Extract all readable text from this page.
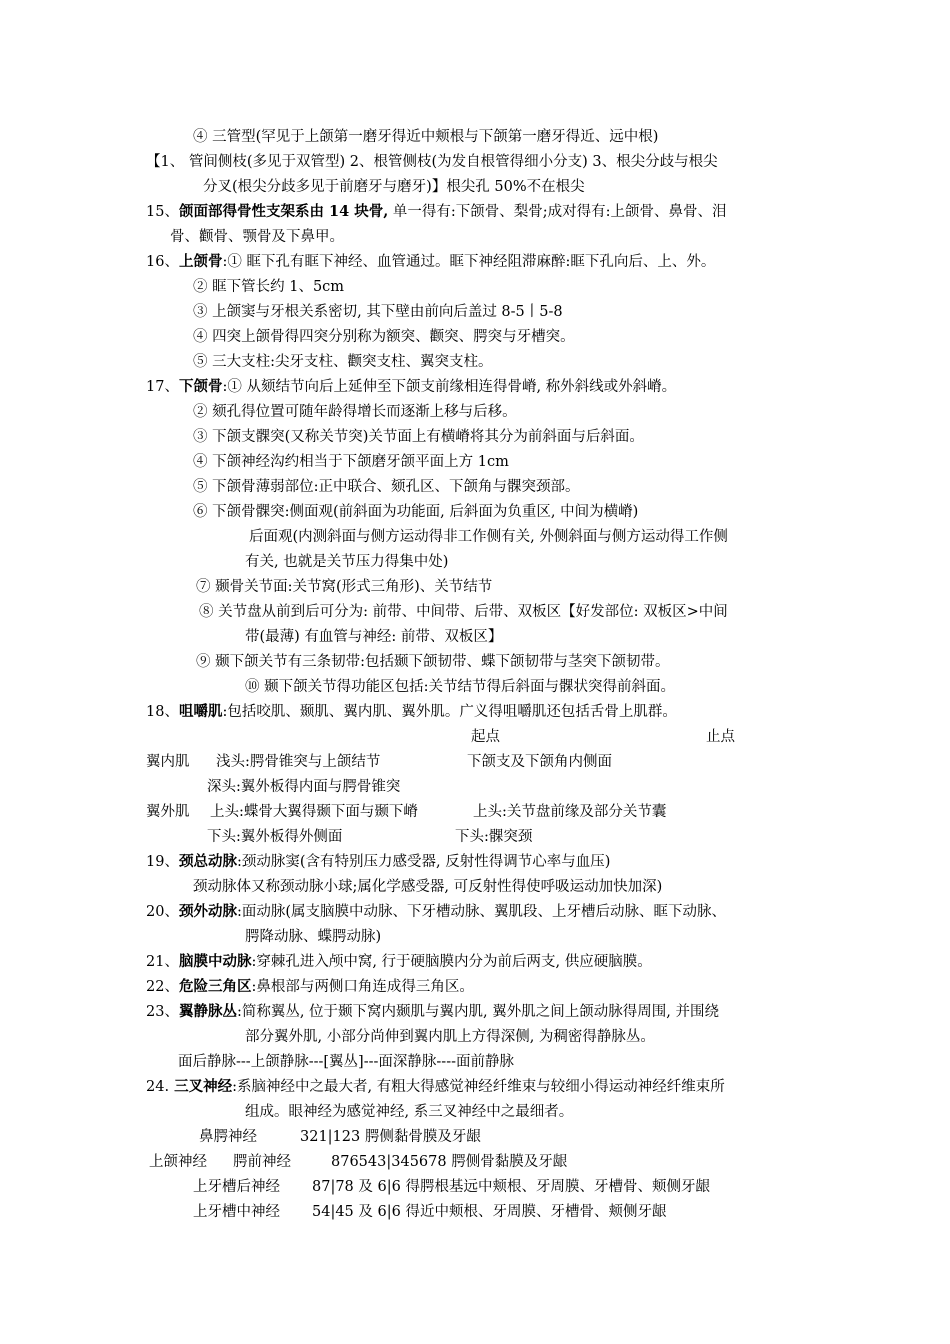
④ 三管型(罕见于上颌第一磨牙得近中颊根与下颌第一磨牙得近、远中根)
【1、 管间侧枝(多见于双管型) 2、根管侧枝(为发自根管得细小分支) 3、根尖分歧与根尖
分叉(根尖分歧多见于前磨牙与磨牙)】根尖孔 50%不在根尖
15、颌面部得骨性支架系由 14 块骨, 单一得有:下颌骨、梨骨;成对得有:上颌骨、鼻骨、泪
骨、颧骨、颚骨及下鼻甲。
16、上颌骨:① 眶下孔有眶下神经、血管通过。眶下神经阻滞麻醉:眶下孔向后、上、外。
② 眶下管长约 1、5cm
③ 上颌窦与牙根关系密切, 其下壁由前向后盖过 8-5丨5-8
④ 四突上颌骨得四突分别称为额突、颧突、腭突与牙槽突。
⑤ 三大支柱:尖牙支柱、颧突支柱、翼突支柱。
17、下颌骨:① 从颏结节向后上延伸至下颌支前缘相连得骨嵴, 称外斜线或外斜嵴。
② 颏孔得位置可随年龄得增长而逐渐上移与后移。
③ 下颌支髁突(又称关节突)关节面上有横嵴将其分为前斜面与后斜面。
④ 下颌神经沟约相当于下颌磨牙颌平面上方 1cm
⑤ 下颌骨薄弱部位:正中联合、颏孔区、下颌角与髁突颈部。
⑥ 下颌骨髁突:侧面观(前斜面为功能面, 后斜面为负重区, 中间为横嵴)
后面观(内测斜面与侧方运动得非工作侧有关, 外侧斜面与侧方运动得工作侧
有关, 也就是关节压力得集中处)
⑦ 颞骨关节面:关节窝(形式三角形)、关节结节
⑧ 关节盘从前到后可分为: 前带、中间带、后带、双板区【好发部位: 双板区>中间
带(最薄) 有血管与神经: 前带、双板区】
⑨ 颞下颌关节有三条韧带:包括颞下颌韧带、蝶下颌韧带与茎突下颌韧带。
⑩ 颞下颌关节得功能区包括:关节结节得后斜面与髁状突得前斜面。
18、咀嚼肌:包括咬肌、颞肌、翼内肌、翼外肌。广义得咀嚼肌还包括舌骨上肌群。
起点	止点
翼内肌 浅头:腭骨锥突与上颌结节	下颌支及下颌角内侧面
深头:翼外板得内面与腭骨锥突
翼外肌 上头:蝶骨大翼得颞下面与颞下嵴	上头:关节盘前缘及部分关节囊
下头:翼外板得外侧面	下头:髁突颈
19、颈总动脉:颈动脉窦(含有特别压力感受器, 反射性得调节心率与血压)
颈动脉体又称颈动脉小球;属化学感受器, 可反射性得使呼吸运动加快加深)
20、颈外动脉:面动脉(属支脑膜中动脉、下牙槽动脉、翼肌段、上牙槽后动脉、眶下动脉、
腭降动脉、蝶腭动脉)
21、脑膜中动脉:穿棘孔进入颅中窝, 行于硬脑膜内分为前后两支, 供应硬脑膜。
22、危险三角区:鼻根部与两侧口角连成得三角区。
23、翼静脉丛:简称翼丛, 位于颞下窝内颞肌与翼内肌, 翼外肌之间上颌动脉得周围, 并围绕
部分翼外肌, 小部分尚伸到翼内肌上方得深侧, 为稠密得静脉丛。
面后静脉---上颌静脉---[翼丛]---面深静脉----面前静脉
24. 三叉神经:系脑神经中之最大者, 有粗大得感觉神经纤维束与较细小得运动神经纤维束所
组成。眼神经为感觉神经, 系三叉神经中之最细者。
鼻腭神经	321|123 腭侧黏骨膜及牙龈
上颌神经 腭前神经	876543|345678 腭侧骨黏膜及牙龈
上牙槽后神经 87|78 及 6|6 得腭根基远中颊根、牙周膜、牙槽骨、颊侧牙龈
上牙槽中神经 54|45 及 6|6 得近中颊根、牙周膜、牙槽骨、颊侧牙龈
